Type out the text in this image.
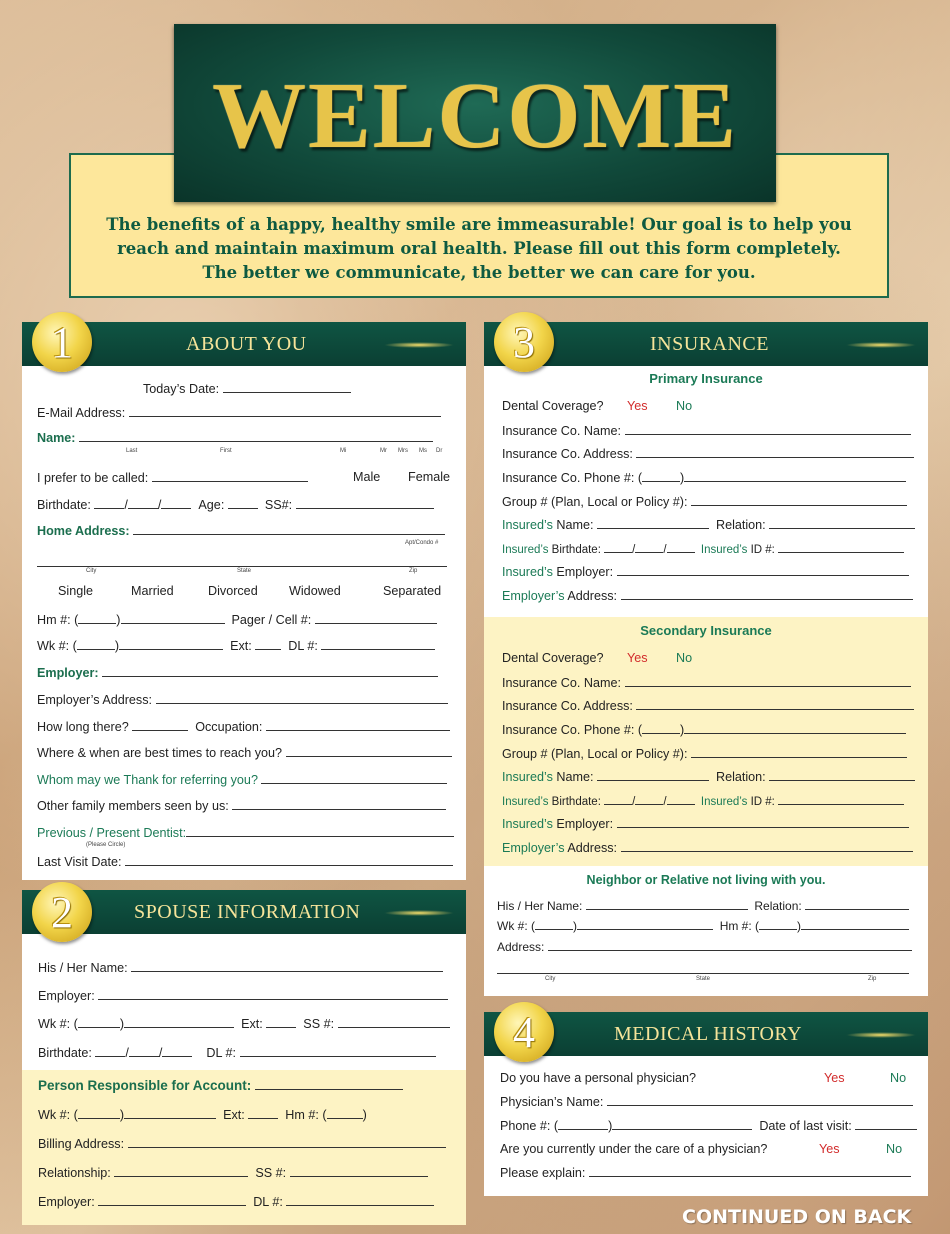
WELCOME
The benefits of a happy, healthy smile are immeasurable! Our goal is to help you
reach and maintain maximum oral health. Please fill out this form completely.
The better we communicate, the better we can care for you.
ABOUT YOU
Today’s Date:
E-Mail Address:
Name:
Last	First	Mi	Mr Mrs Ms Dr
I prefer to be called:	Male Female
Birthdate:	/ /	Age:	SS#:
Home Address:
Apt/Condo #
City	State	Zip
Single	Married	Divorced Widowed	Separated
Hm #: (	)	Pager / Cell #:
Wk #: (	)	Ext:	DL #:
Employer:
Employer’s Address:
How long there?	Occupation:
Where & when are best times to reach you?
Whom may we Thank for referring you?
Other family members seen by us:
Previous / Present Dentist:
(Please Circle)
Last Visit Date:
1
SPOUSE INFORMATION
His / Her Name:
Employer:
Wk #: (	)	Ext:	SS #:
Birthdate:	/ /	DL #:
Person Responsible for Account:
Wk #: (	)	Ext:	Hm #: (	)
Billing Address:
Relationship:	SS #:
Employer:	DL #:
2
INSURANCE
Primary Insurance
Dental Coverage? Yes No
Insurance Co. Name:
Insurance Co. Address:
Insurance Co. Phone #: (	)
Group # (Plan, Local or Policy #):
Insured’s Name:	Relation:
Insured’s Birthdate:	/ /	Insured’s ID #:
Insured’s Employer:
Employer’s Address:
Secondary Insurance
Dental Coverage? Yes No
Insurance Co. Name:
Insurance Co. Address:
Insurance Co. Phone #: (	)
Group # (Plan, Local or Policy #):
Insured’s Name:	Relation:
Insured’s Birthdate:	/ /	Insured’s ID #:
Insured’s Employer:
Employer’s Address:
Neighbor or Relative not living with you.
His / Her Name:	Relation:
Wk #: (	)	Hm #: (	)
Address:
City	State	Zip
3
MEDICAL HISTORY
Do you have a personal physician?	Yes	No
Physician’s Name:
Phone #: (	)	Date of last visit:
Are you currently under the care of a physician?	Yes	No
Please explain:
4
CONTINUED ON BACK
